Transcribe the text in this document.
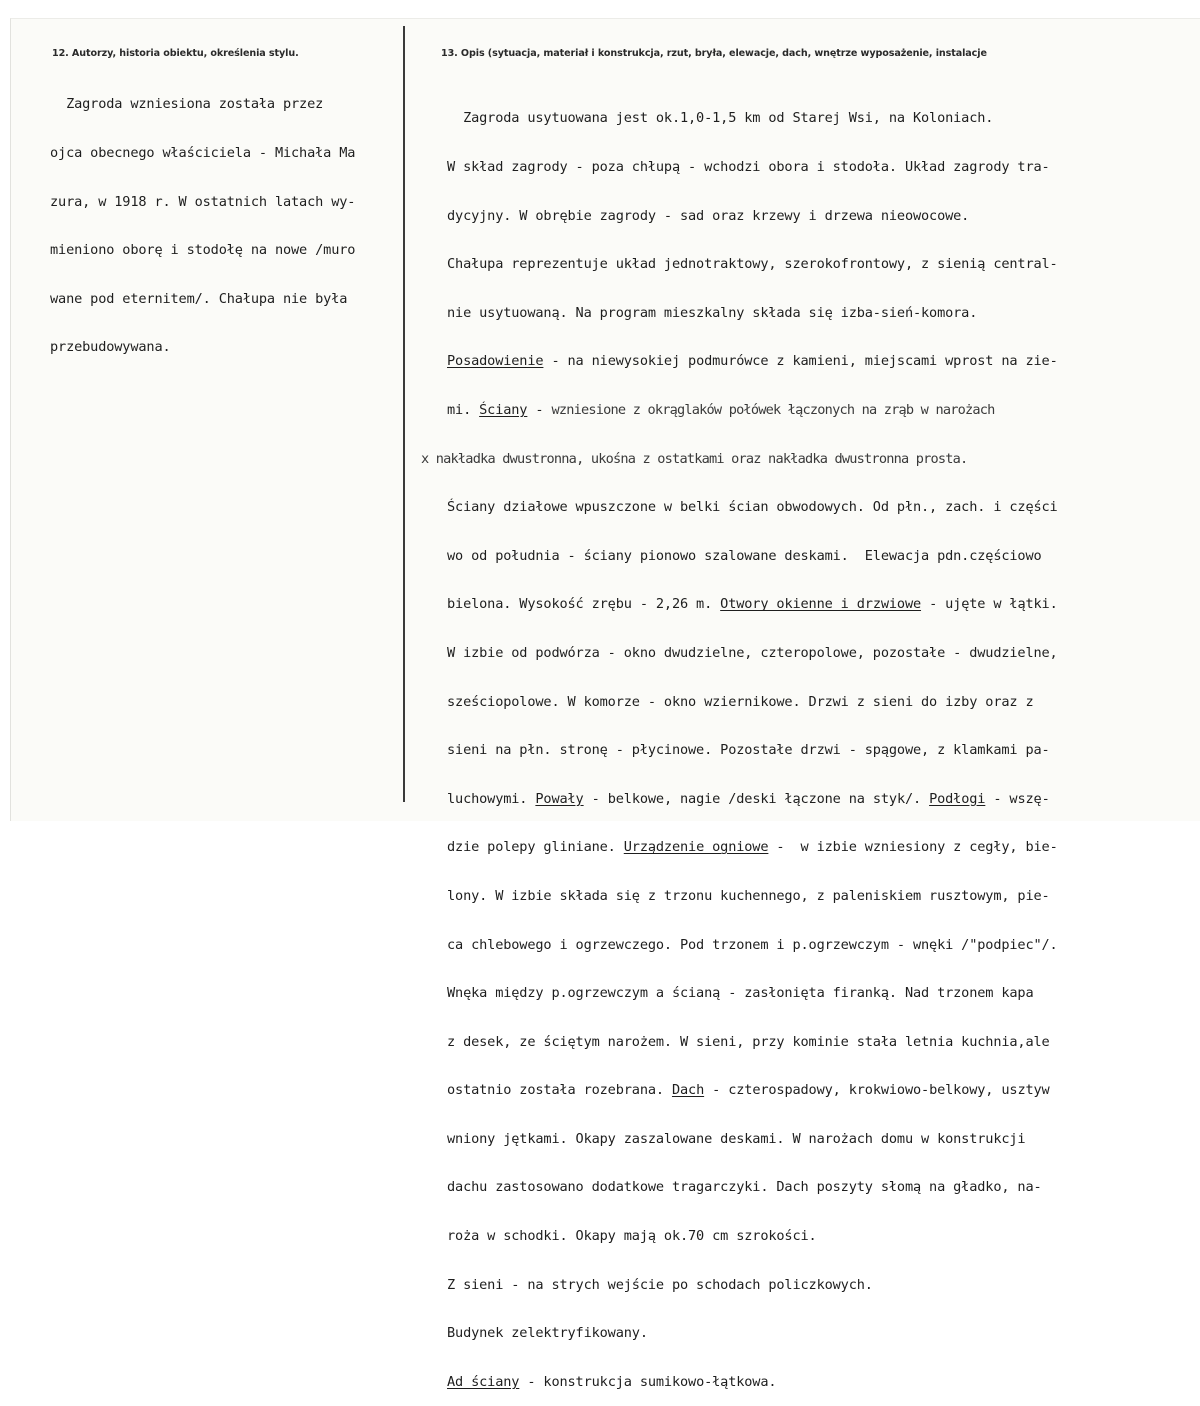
12. Autorzy, historia obiektu, określenia stylu.	13. Opis (sytuacja, materiał i konstrukcja, rzut, bryła, elewacje, dach, wnętrze wyposażenie, instalacje

Zagroda wzniesiona została przez

ojca obecnego właściciela - Michała Ma

zura, w 1918 r. W ostatnich latach wy-

mieniono oborę i stodołę na nowe /muro

wane pod eternitem/. Chałupa nie była

przebudowywana.

Zagroda usytuowana jest ok.1,0-1,5 km od Starej Wsi, na Koloniach.

W skład zagrody - poza chłupą - wchodzi obora i stodoła. Układ zagrody tra-

dycyjny. W obrębie zagrody - sad oraz krzewy i drzewa nieowocowe.

Chałupa reprezentuje układ jednotraktowy, szerokofrontowy, z sienią central-

nie usytuowaną. Na program mieszkalny składa się izba-sień-komora.

Posadowienie - na niewysokiej podmurówce z kamieni, miejscami wprost na zie-

mi. Ściany - wzniesione z okrąglaków połówek łączonych na zrąb w narożach

x nakładka dwustronna, ukośna z ostatkami oraz nakładka dwustronna prosta.

Ściany działowe wpuszczone w belki ścian obwodowych. Od płn., zach. i części

wo od południa - ściany pionowo szalowane deskami.  Elewacja pdn.częściowo

bielona. Wysokość zrębu - 2,26 m. Otwory okienne i drzwiowe - ujęte w łątki.

W izbie od podwórza - okno dwudzielne, czteropolowe, pozostałe - dwudzielne,

sześciopolowe. W komorze - okno wziernikowe. Drzwi z sieni do izby oraz z

sieni na płn. stronę - płycinowe. Pozostałe drzwi - spągowe, z klamkami pa-

luchowymi. Powały - belkowe, nagie /deski łączone na styk/. Podłogi - wszę-

dzie polepy gliniane. Urządzenie ogniowe -  w izbie wzniesiony z cegły, bie-

lony. W izbie składa się z trzonu kuchennego, z paleniskiem rusztowym, pie-

ca chlebowego i ogrzewczego. Pod trzonem i p.ogrzewczym - wnęki /"podpiec"/.

Wnęka między p.ogrzewczym a ścianą - zasłonięta firanką. Nad trzonem kapa

z desek, ze ściętym narożem. W sieni, przy kominie stała letnia kuchnia,ale

ostatnio została rozebrana. Dach - czterospadowy, krokwiowo-belkowy, usztyw

wniony jętkami. Okapy zaszalowane deskami. W narożach domu w konstrukcji

dachu zastosowano dodatkowe tragarczyki. Dach poszyty słomą na gładko, na-

roża w schodki. Okapy mają ok.70 cm szrokości.

Z sieni - na strych wejście po schodach policzkowych.

Budynek zelektryfikowany.

Ad ściany - konstrukcja sumikowo-łątkowa.
